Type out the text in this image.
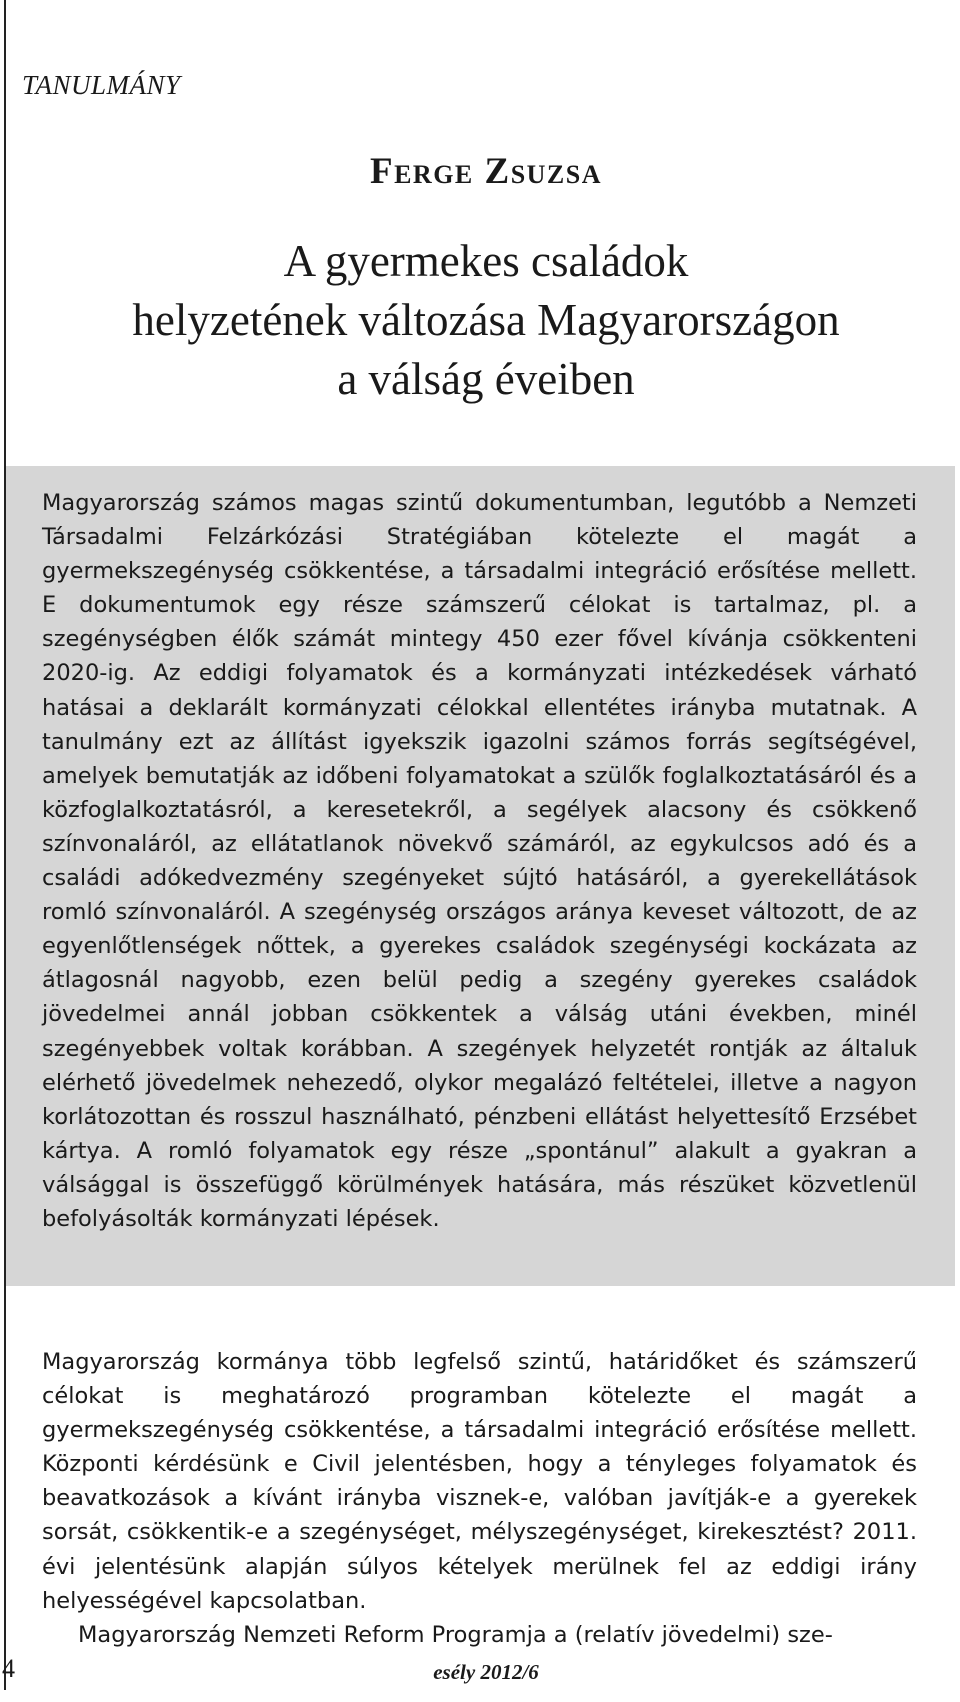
TANULMÁNY
Ferge Zsuzsa
A gyermekes családok
helyzetének változása Magyarországon
a válság éveiben
Magyarország számos magas szintű dokumentumban, legutóbb a Nemzeti Társadalmi Felzárkózási Stratégiában kötelezte el magát a gyermekszegénység csökkentése, a társadalmi integráció erősítése mellett. E dokumentumok egy része számszerű célokat is tartalmaz, pl. a szegénységben élők számát mintegy 450 ezer fővel kívánja csökkenteni 2020-ig. Az eddigi folyamatok és a kormányzati intézkedések várható hatásai a deklarált kormányzati célokkal ellentétes irányba mutatnak. A tanulmány ezt az állítást igyekszik igazolni számos forrás segítségével, amelyek bemutatják az időbeni folyamatokat a szülők foglalkoztatásáról és a közfoglalkoztatásról, a keresetekről, a segélyek alacsony és csökkenő színvonaláról, az ellátatlanok növekvő számáról, az egykulcsos adó és a családi adókedvezmény szegényeket sújtó hatásáról, a gyerekellátások romló színvonaláról. A szegénység országos aránya keveset változott, de az egyenlőtlenségek nőttek, a gyerekes családok szegénységi kockázata az átlagosnál nagyobb, ezen belül pedig a szegény gyerekes családok jövedelmei annál jobban csökkentek a válság utáni években, minél szegényebbek voltak korábban. A szegények helyzetét rontják az általuk elérhető jövedelmek nehezedő, olykor megalázó feltételei, illetve a nagyon korlátozottan és rosszul használható, pénzbeni ellátást helyettesítő Erzsébet kártya. A romló folyamatok egy része „spontánul” alakult a gyakran a válsággal is összefüggő körülmények hatására, más részüket közvetlenül befolyásolták kormányzati lépések.

Magyarország kormánya több legfelső szintű, határidőket és számszerű célokat is meghatározó programban kötelezte el magát a gyermekszegénység csökkentése, a társadalmi integráció erősítése mellett. Központi kérdésünk e Civil jelentésben, hogy a tényleges folyamatok és beavatkozások a kívánt irányba visznek-e, valóban javítják-e a gyerekek sorsát, csökkentik-e a szegénységet, mélyszegénységet, kirekesztést? 2011. évi jelentésünk alapján súlyos kételyek merülnek fel az eddigi irány helyességével kapcsolatban.

Magyarország Nemzeti Reform Programja a (relatív jövedelmi) sze-

4	esély 2012/6
